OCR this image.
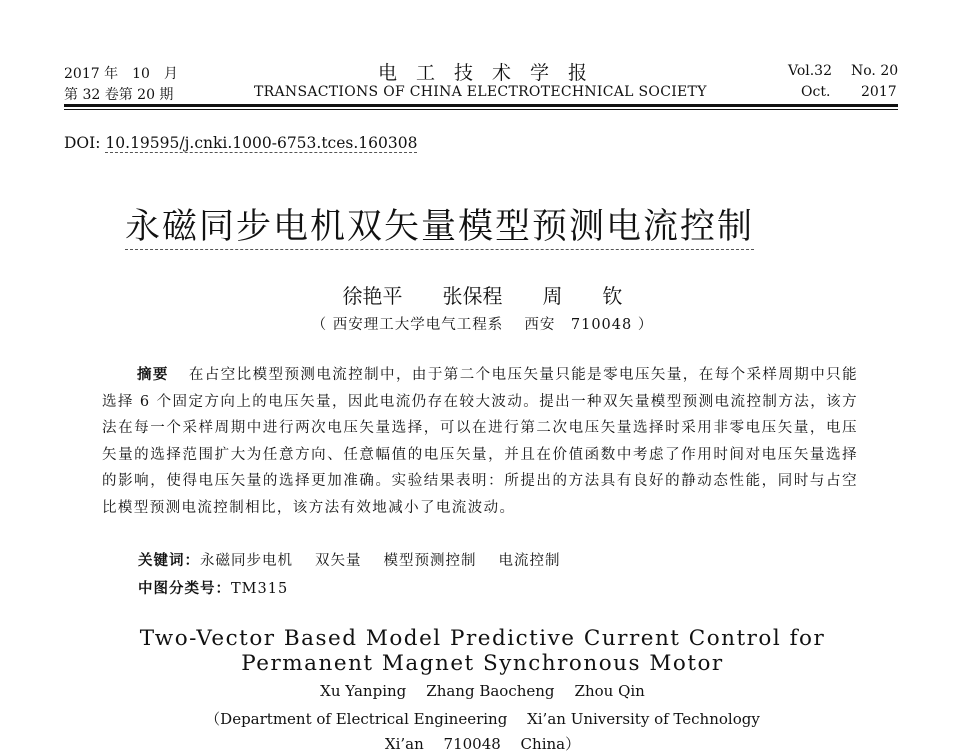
2017 年　10　月
第 32 卷第 20 期
电　工　技　术　学　报
TRANSACTIONS OF CHINA ELECTROTECHNICAL SOCIETY
Vol.32 No. 20
Oct. 2017
DOI: 10.19595/j.cnki.1000-6753.tces.160308
永磁同步电机双矢量模型预测电流控制
徐艳平　　张保程　　周　　钦
（ 西安理工大学电气工程系　 西安　710048 ）

摘要 在占空比模型预测电流控制中，由于第二个电压矢量只能是零电压矢量，在每个采样周期中只能选择 6 个固定方向上的电压矢量，因此电流仍存在较大波动。提出一种双矢量模型预测电流控制方法，该方法在每一个采样周期中进行两次电压矢量选择，可以在进行第二次电压矢量选择时采用非零电压矢量，电压矢量的选择范围扩大为任意方向、任意幅值的电压矢量，并且在价值函数中考虑了作用时间对电压矢量选择的影响，使得电压矢量的选择更加准确。实验结果表明：所提出的方法具有良好的静动态性能，同时与占空比模型预测电流控制相比，该方法有效地减小了电流波动。

关键词：永磁同步电机 双矢量 模型预测控制 电流控制
中图分类号：TM315
Two-Vector Based Model Predictive Current Control for
Permanent Magnet Synchronous Motor
Xu Yanping Zhang Baocheng Zhou Qin
（Department of Electrical Engineering　 Xi’an University of Technology
Xi’an　 710048　 China）
